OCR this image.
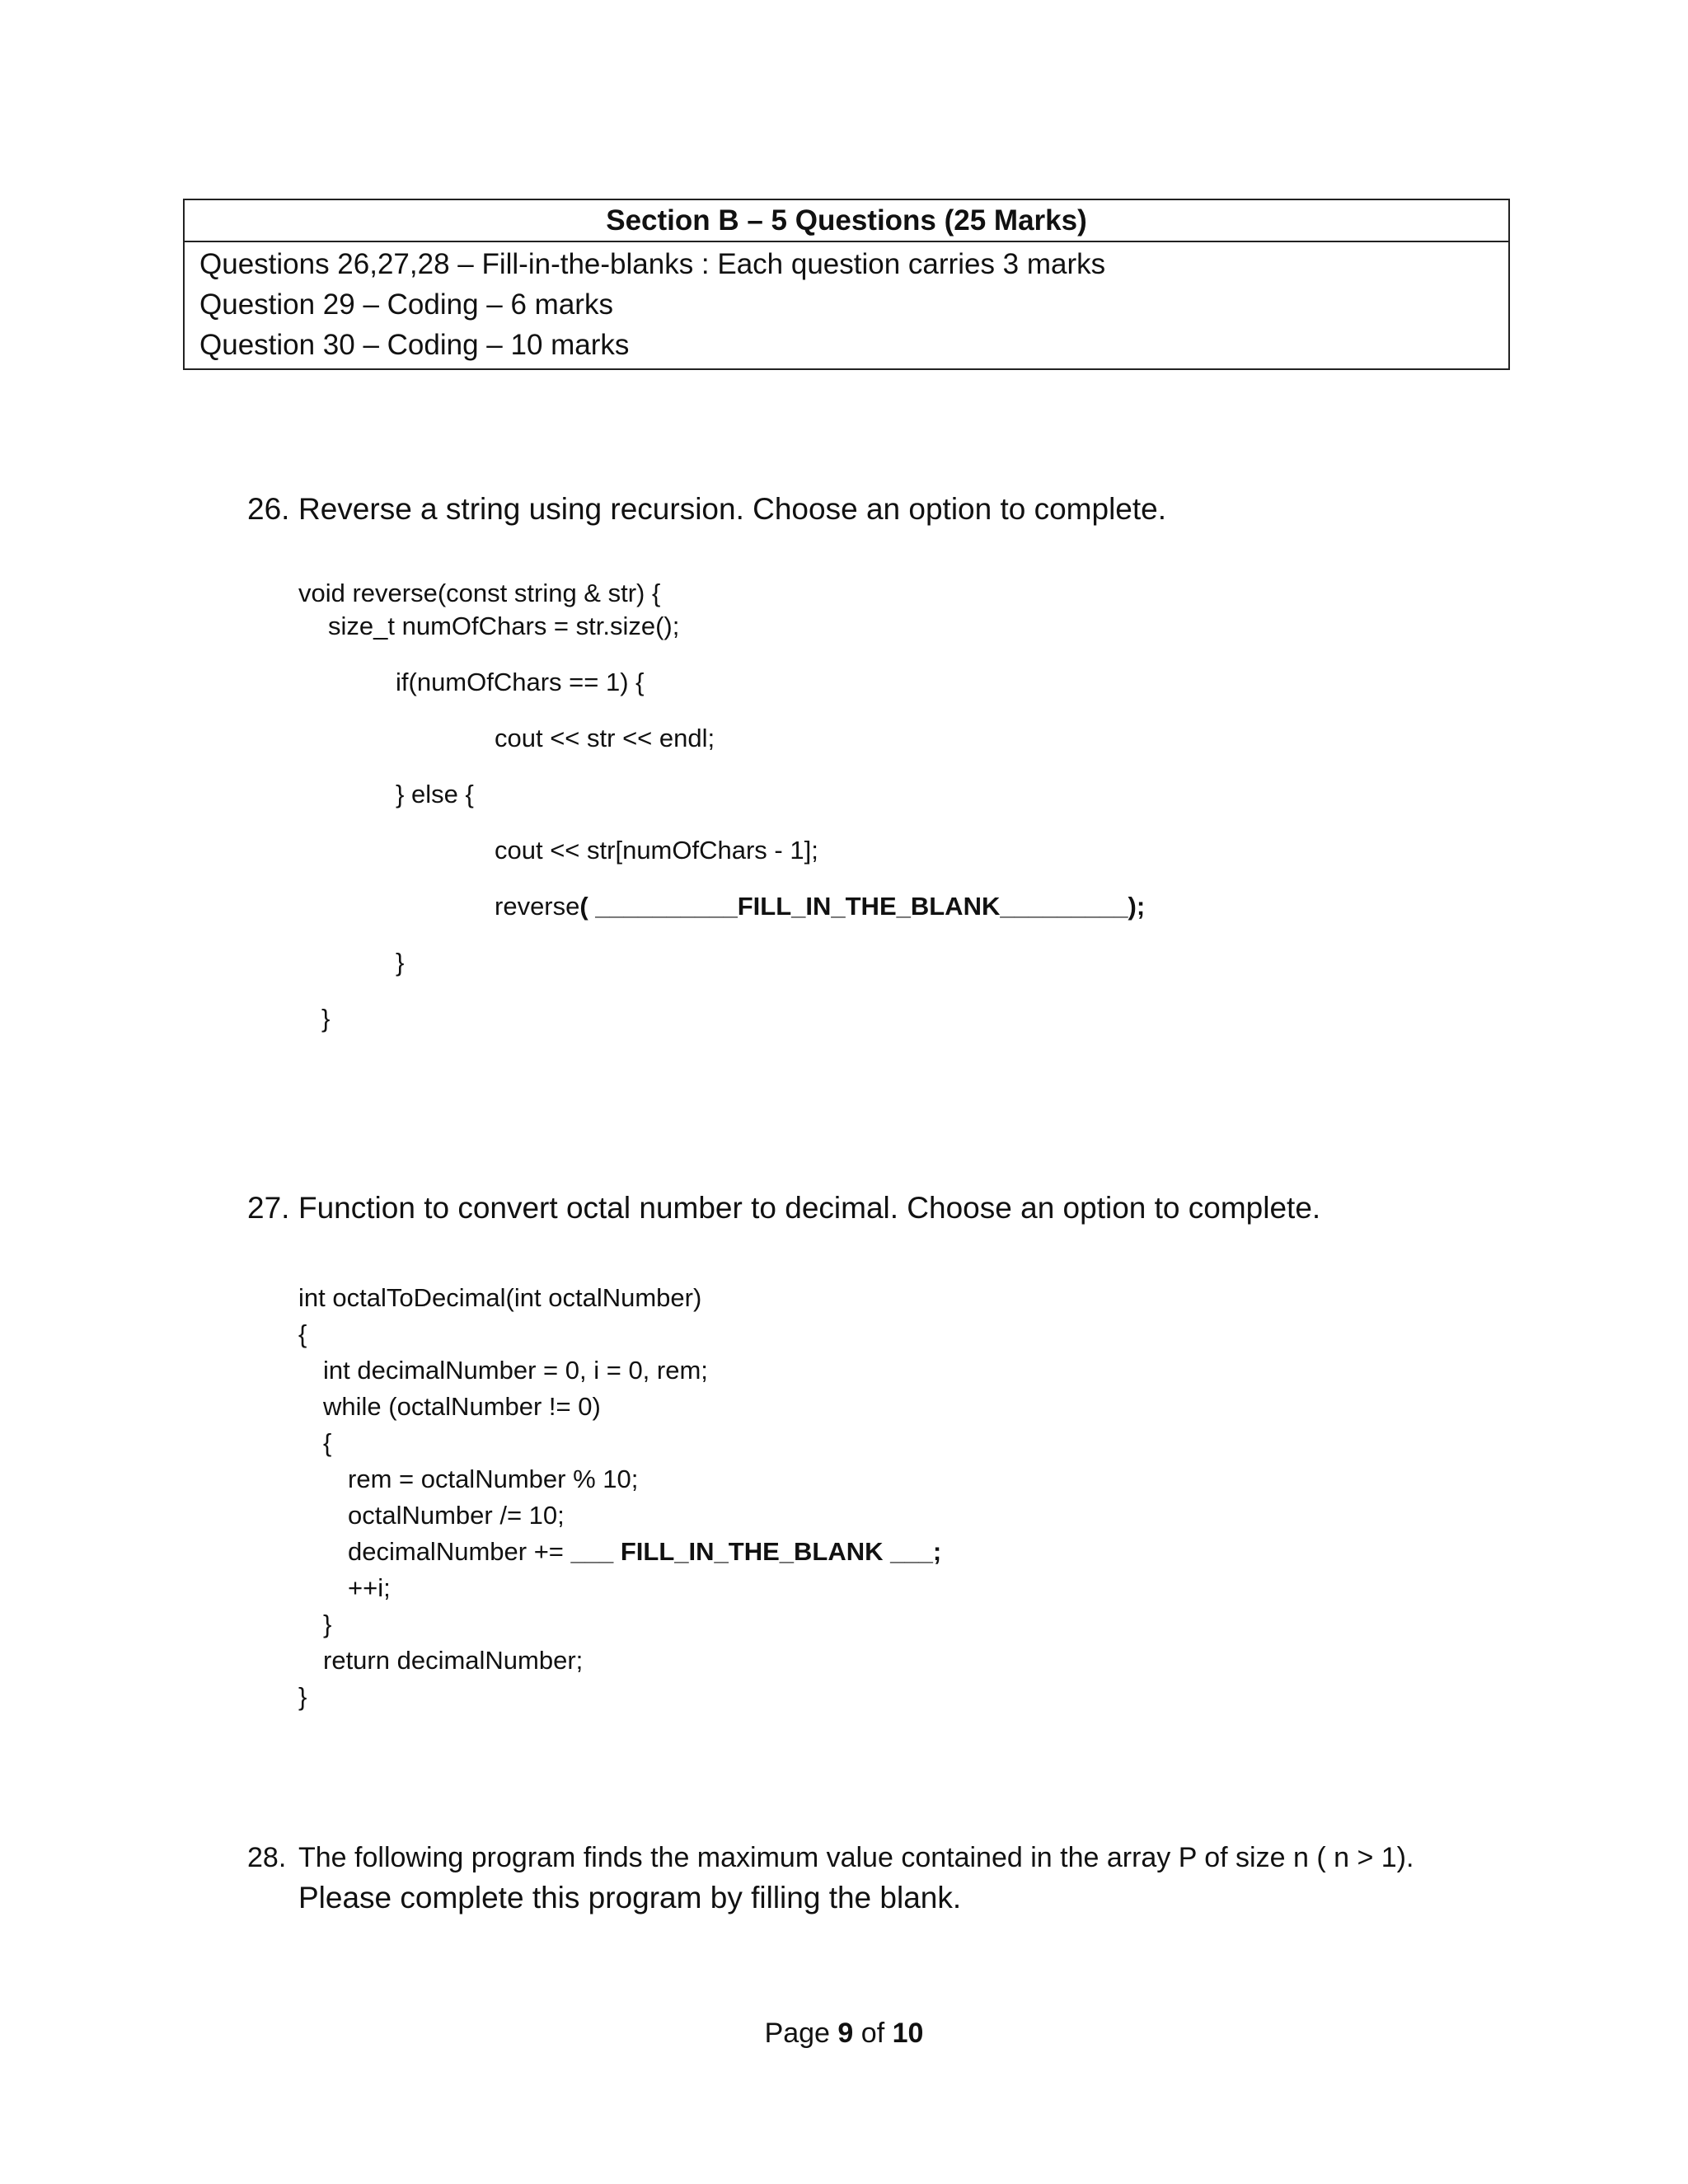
Section B – 5 Questions (25 Marks)
Questions 26,27,28 – Fill-in-the-blanks : Each question carries 3 marks
Question 29 – Coding – 6 marks
Question 30 – Coding – 10 marks
26. Reverse a string using recursion. Choose an option to complete.
void reverse(const string & str) {
size_t numOfChars = str.size();
if(numOfChars == 1) {
cout << str << endl;
} else {
cout << str[numOfChars - 1];
reverse( __________FILL_IN_THE_BLANK_________);
}
}
27. Function to convert octal number to decimal. Choose an option to complete.
int octalToDecimal(int octalNumber)
{
int decimalNumber = 0, i = 0, rem;
while (octalNumber != 0)
{
rem = octalNumber % 10;
octalNumber /= 10;
decimalNumber += ___ FILL_IN_THE_BLANK ___;
++i;
}
return decimalNumber;
}
28. The following program finds the maximum value contained in the array P of size n ( n > 1).
Please complete this program by filling the blank.
Page 9 of 10
